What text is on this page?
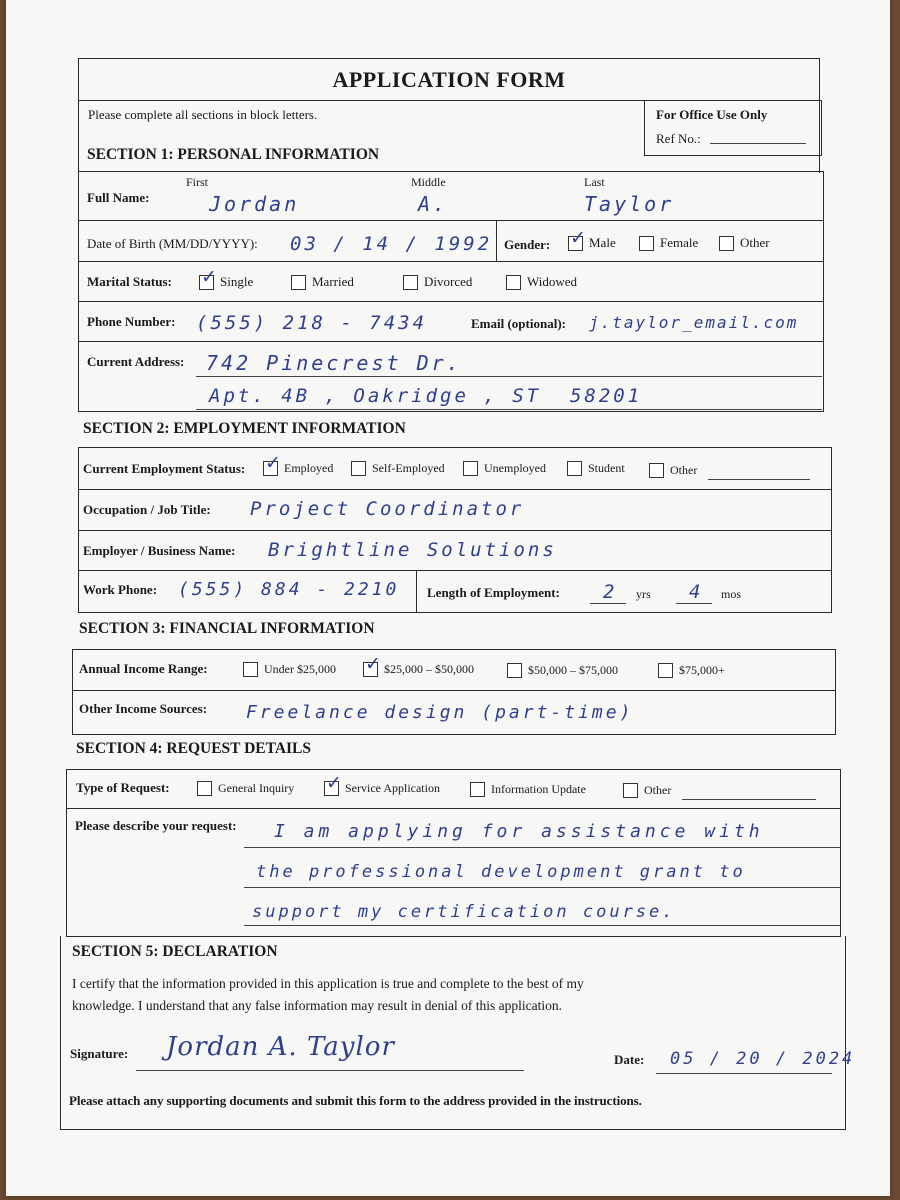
APPLICATION FORM
Please complete all sections in block letters.	For Office Use Only
Ref No.:
SECTION 1: PERSONAL INFORMATION
Full Name:
First	Middle	Last
Jordan	A.	Taylor
Date of Birth (MM/DD/YYYY): 03 / 14 / 1992 Gender: ✓ Male	Female	Other
Marital Status: ✓ Single	Married	Divorced	Widowed
Phone Number: (555) 218 - 7434	Email (optional): j.taylor_email.com
Current Address: 742 Pinecrest Dr.
Apt. 4B , Oakridge , ST  58201
SECTION 2: EMPLOYMENT INFORMATION
Current Employment Status: ✓ Employed	Self-Employed	Unemployed	Student	Other
Occupation / Job Title: Project Coordinator
Employer / Business Name: Brightline Solutions
Work Phone: (555) 884 - 2210 Length of Employment: 2 yrs 4 mos
SECTION 3: FINANCIAL INFORMATION
Annual Income Range:	Under $25,000 ✓ $25,000 – $50,000	$50,000 – $75,000	$75,000+
Other Income Sources: Freelance design (part-time)
SECTION 4: REQUEST DETAILS
Type of Request:	General Inquiry ✓ Service Application	Information Update	Other
Please describe your request: I am applying for assistance with
the professional development grant to
support my certification course.
SECTION 5: DECLARATION
I certify that the information provided in this application is true and complete to the best of my
knowledge. I understand that any false information may result in denial of this application.
Signature: Jordan A. Taylor	Date: 05 / 20 / 2024
Please attach any supporting documents and submit this form to the address provided in the instructions.
